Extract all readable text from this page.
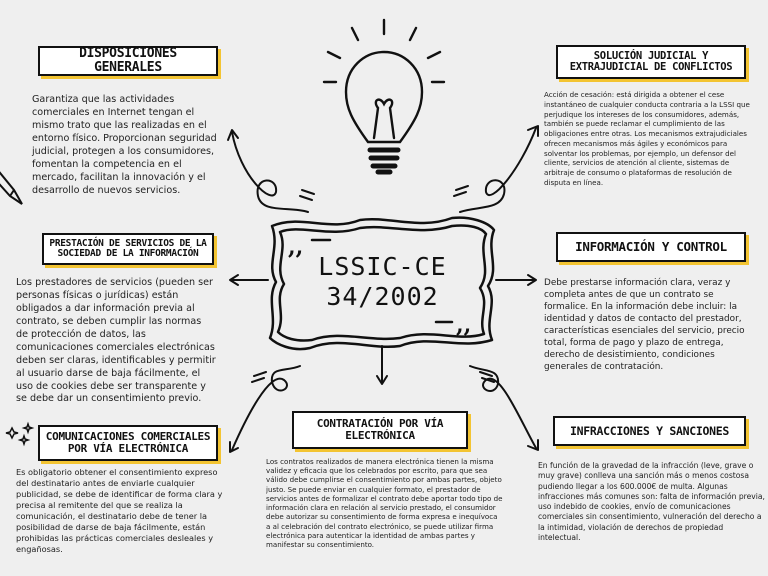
,,
,,
LSSIC-CE
34/2002
DISPOSICIONES GENERALES
Garantiza que las actividades comerciales en Internet tengan el mismo trato que las realizadas en el entorno físico. Proporcionan seguridad judicial, protegen a los consumidores, fomentan la competencia en el mercado, facilitan la innovación y el desarrollo de nuevos servicios.
PRESTACIÓN DE SERVICIOS DE LA SOCIEDAD DE LA INFORMACIÓN
Los prestadores de servicios (pueden ser personas físicas o jurídicas) están obligados a dar información previa al contrato, se deben cumplir las normas de protección de datos, las comunicaciones comerciales electrónicas deben ser claras, identificables y permitir al usuario darse de baja fácilmente, el uso de cookies debe ser transparente y se debe dar un consentimiento previo.
COMUNICACIONES COMERCIALES POR VÍA ELECTRÓNICA
Es obligatorio obtener el consentimiento expreso del destinatario antes de enviarle cualquier publicidad, se debe de identificar de forma clara y precisa al remitente del que se realiza la comunicación, el destinatario debe de tener la posibilidad de darse de baja fácilmente, están prohibidas las prácticas comerciales desleales y engañosas.
CONTRATACIÓN POR VÍA ELECTRÓNICA
Los contratos realizados de manera electrónica tienen la misma validez y eficacia que los celebrados por escrito, para que sea válido debe cumplirse el consentimiento por ambas partes, objeto justo. Se puede enviar en cualquier formato, el prestador de servicios antes de formalizar el contrato debe aportar todo tipo de información clara en relación al servicio prestado, el consumidor debe autorizar su consentimiento de forma expresa e inequívoca a al celebración del contrato electrónico, se puede utilizar firma electrónica para autenticar la identidad de ambas partes y manifestar su consentimiento.
SOLUCIÓN JUDICIAL Y EXTRAJUDICIAL DE CONFLICTOS
Acción de cesación: está dirigida a obtener el cese instantáneo de cualquier conducta contraria a la LSSI que perjudique los intereses de los consumidores, además, también se puede reclamar el cumplimiento de las obligaciones entre otras. Los mecanismos extrajudiciales ofrecen mecanismos más ágiles y económicos para solventar los problemas, por ejemplo, un defensor del cliente, servicios de atención al cliente, sistemas de arbitraje de consumo o plataformas de resolución de disputa en línea.
INFORMACIÓN Y CONTROL
Debe prestarse información clara, veraz y completa antes de que un contrato se formalice. En la información debe incluir: la identidad y datos de contacto del prestador, características esenciales del servicio, precio total, forma de pago y plazo de entrega, derecho de desistimiento, condiciones generales de contratación.
INFRACCIONES Y SANCIONES
En función de la gravedad de la infracción (leve, grave o muy grave) conlleva una sanción más o menos costosa pudiendo llegar a los 600.000€ de multa. Algunas infracciones más comunes son: falta de información previa, uso indebido de cookies, envío de comunicaciones comerciales sin consentimiento, vulneración del derecho a la intimidad, violación de derechos de propiedad intelectual.
